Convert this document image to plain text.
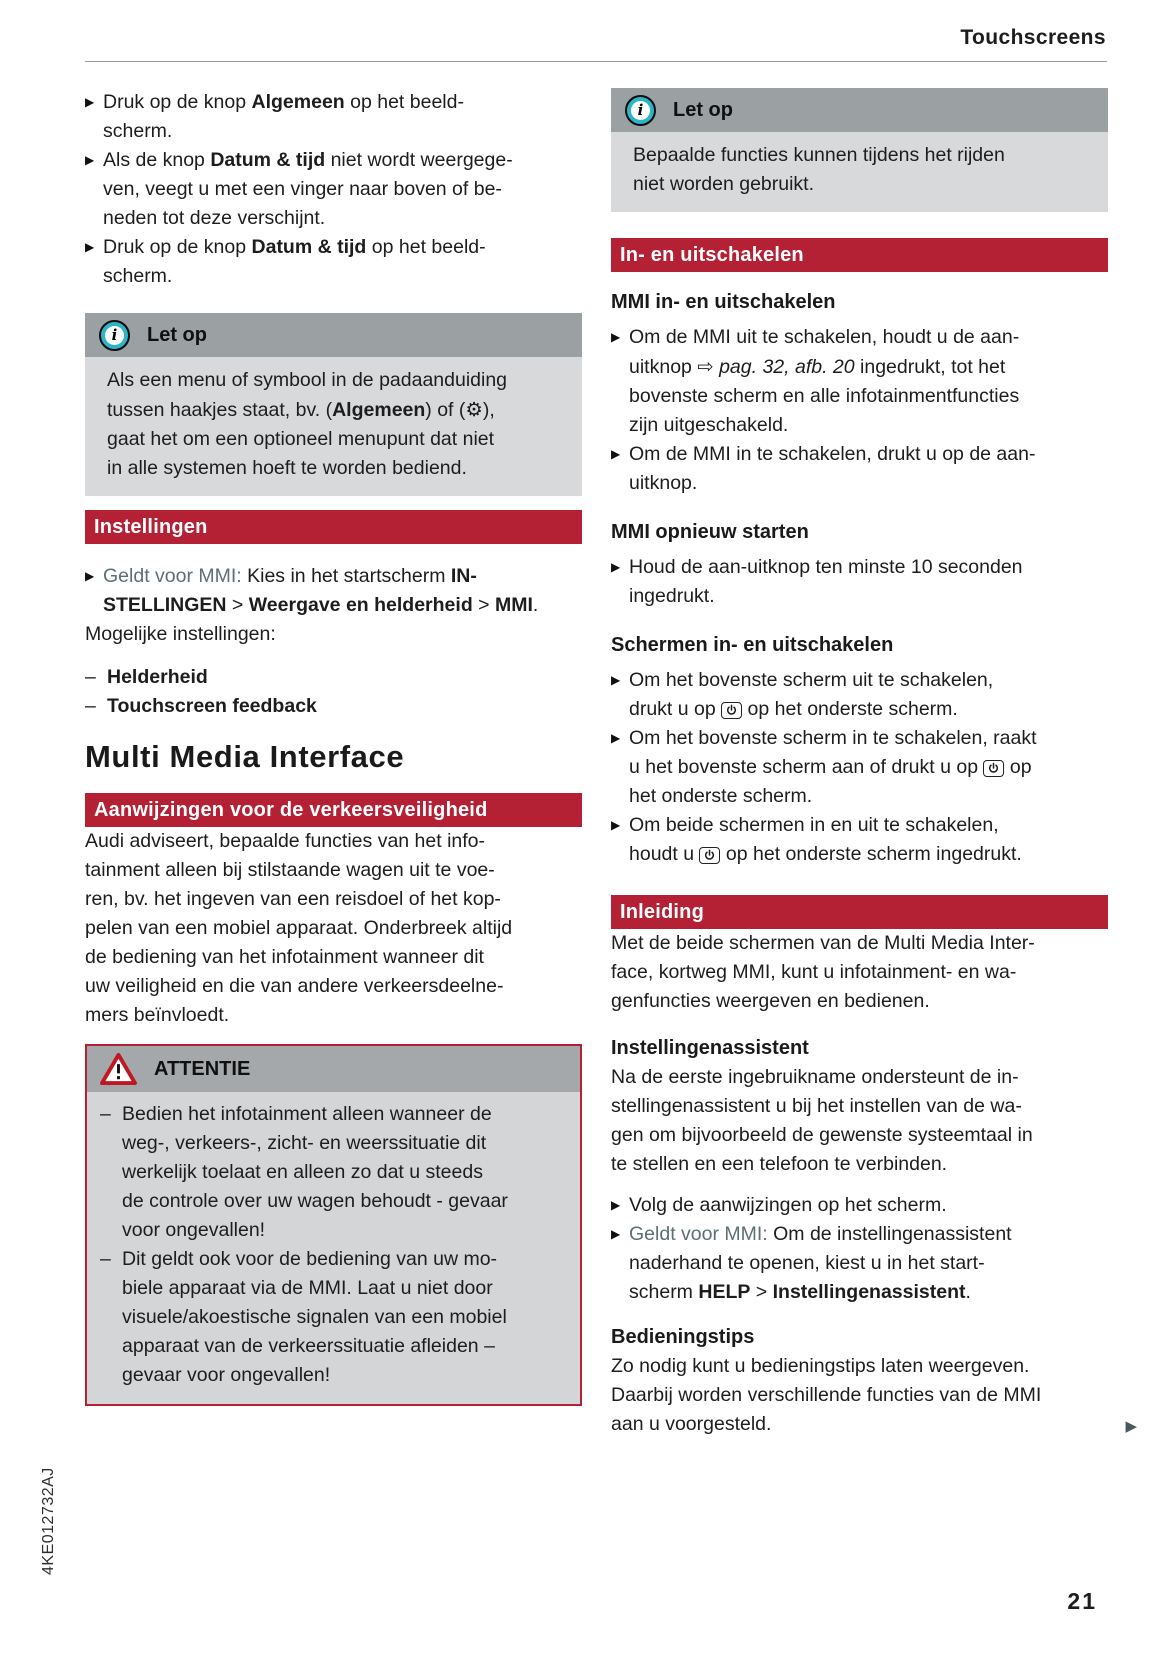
Touchscreens
4KE012732AJ
21
▶ Druk op de knop Algemeen op het beeld-
scherm.
▶ Als de knop Datum & tijd niet wordt weergege-
ven, veegt u met een vinger naar boven of be-
neden tot deze verschijnt.
▶ Druk op de knop Datum & tijd op het beeld-
scherm.
i	Let op
Als een menu of symbool in de padaanduiding
tussen haakjes staat, bv. (Algemeen) of (⚙),
gaat het om een optioneel menupunt dat niet
in alle systemen hoeft te worden bediend.
Instellingen
▶ Geldt voor MMI: Kies in het startscherm IN-
STELLINGEN > Weergave en helderheid > MMI.

Mogelijke instellingen:

– Helderheid
– Touchscreen feedback
Multi Media Interface
Aanwijzingen voor de verkeersveiligheid

Audi adviseert, bepaalde functies van het info-
tainment alleen bij stilstaande wagen uit te voe-
ren, bv. het ingeven van een reisdoel of het kop-
pelen van een mobiel apparaat. Onderbreek altijd
de bediening van het infotainment wanneer dit
uw veiligheid en die van andere verkeersdeelne-
mers beïnvloedt.

ATTENTIE
– Bedien het infotainment alleen wanneer de
weg-, verkeers-, zicht- en weerssituatie dit
werkelijk toelaat en alleen zo dat u steeds
de controle over uw wagen behoudt - gevaar
voor ongevallen!
– Dit geldt ook voor de bediening van uw mo-
biele apparaat via de MMI. Laat u niet door
visuele/akoestische signalen van een mobiel
apparaat van de verkeerssituatie afleiden –
gevaar voor ongevallen!
i	Let op
Bepaalde functies kunnen tijdens het rijden
niet worden gebruikt.
In- en uitschakelen
MMI in- en uitschakelen
▶ Om de MMI uit te schakelen, houdt u de aan-
uitknop ⇨ pag. 32, afb. 20 ingedrukt, tot het
bovenste scherm en alle infotainmentfuncties
zijn uitgeschakeld.
▶ Om de MMI in te schakelen, drukt u op de aan-
uitknop.
MMI opnieuw starten
▶ Houd de aan-uitknop ten minste 10 seconden
ingedrukt.
Schermen in- en uitschakelen
▶ Om het bovenste scherm uit te schakelen,
drukt u op
op het onderste scherm.
▶ Om het bovenste scherm in te schakelen, raakt
u het bovenste scherm aan of drukt u op
op
het onderste scherm.
▶ Om beide schermen in en uit te schakelen,
houdt u
op het onderste scherm ingedrukt.
Inleiding

Met de beide schermen van de Multi Media Inter-
face, kortweg MMI, kunt u infotainment- en wa-
genfuncties weergeven en bedienen.

Instellingenassistent

Na de eerste ingebruikname ondersteunt de in-
stellingenassistent u bij het instellen van de wa-
gen om bijvoorbeeld de gewenste systeemtaal in
te stellen en een telefoon te verbinden.

▶ Volg de aanwijzingen op het scherm.
▶ Geldt voor MMI: Om de instellingenassistent
naderhand te openen, kiest u in het start-
scherm HELP > Instellingenassistent.
Bedieningstips

Zo nodig kunt u bedieningstips laten weergeven.
Daarbij worden verschillende functies van de MMI
aan u voorgesteld.	▶
